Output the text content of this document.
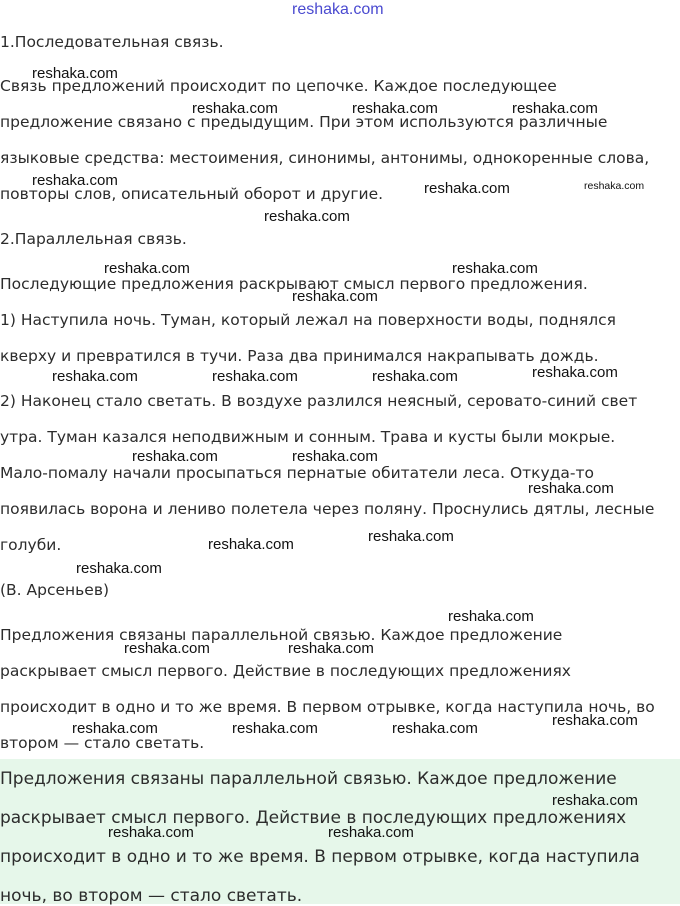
reshaka.com

1.Последовательная связь.

Связь предложений происходит по цепочке. Каждое последующее

предложение связано с предыдущим. При этом используются различные

языковые средства: местоимения, синонимы, антонимы, однокоренные слова,

повторы слов, описательный оборот и другие.

2.Параллельная связь.

Последующие предложения раскрывают смысл первого предложения.

1) Наступила ночь. Туман, который лежал на поверхности воды, поднялся

кверху и превратился в тучи. Раза два принимался накрапывать дождь.

2) Наконец стало светать. В воздухе разлился неясный, серовато-синий свет

утра. Туман казался неподвижным и сонным. Трава и кусты были мокрые.

Мало-помалу начали просыпаться пернатые обитатели леса. Откуда-то

появилась ворона и лениво полетела через поляну. Проснулись дятлы, лесные

голуби.

(В. Арсеньев)

Предложения связаны параллельной связью. Каждое предложение

раскрывает смысл первого. Действие в последующих предложениях

происходит в одно и то же время. В первом отрывке, когда наступила ночь, во

втором — стало светать.

Предложения связаны параллельной связью. Каждое предложение

раскрывает смысл первого. Действие в последующих предложениях

происходит в одно и то же время. В первом отрывке, когда наступила

ночь, во втором — стало светать.

reshaka.com
reshaka.com	reshaka.com	reshaka.com
reshaka.com	reshaka.com	reshaka.com
reshaka.com
reshaka.com	reshaka.com
reshaka.com
reshaka.com	reshaka.com	reshaka.com	reshaka.com
reshaka.com	reshaka.com
reshaka.com
reshaka.com
reshaka.com
reshaka.com
reshaka.com
reshaka.com	reshaka.com
reshaka.com
reshaka.com	reshaka.com	reshaka.com
reshaka.com
reshaka.com	reshaka.com
